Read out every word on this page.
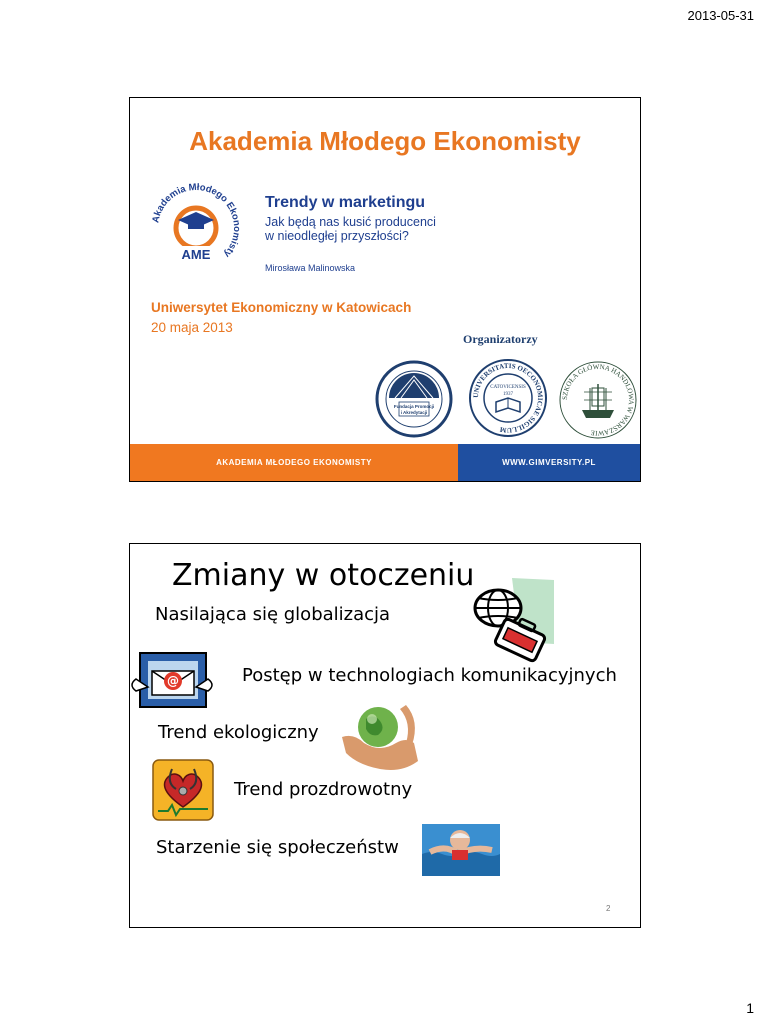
2013-05-31
Akademia Młodego Ekonomisty
Akademia Młodego Ekonomisty
AME
Trendy w marketingu
Jak będą nas kusić producenci
w nieodległej przyszłości?
Mirosława Malinowska
Uniwersytet Ekonomiczny w Katowicach
20 maja 2013
Organizatorzy
Fundacja Promocji
i Akredytacji
UNIVERSITATIS OECONOMICAE SIGILLUM
CATOVICENSIS
1937
SZKOŁA GŁÓWNA HANDLOWA W WARSZAWIE
AKADEMIA MŁODEGO EKONOMISTY	WWW.GIMVERSITY.PL
Zmiany w otoczeniu
Nasilająca się globalizacja
@	Postęp w technologiach komunikacyjnych
Trend ekologiczny
Trend prozdrowotny
Starzenie się społeczeństw
2
1
